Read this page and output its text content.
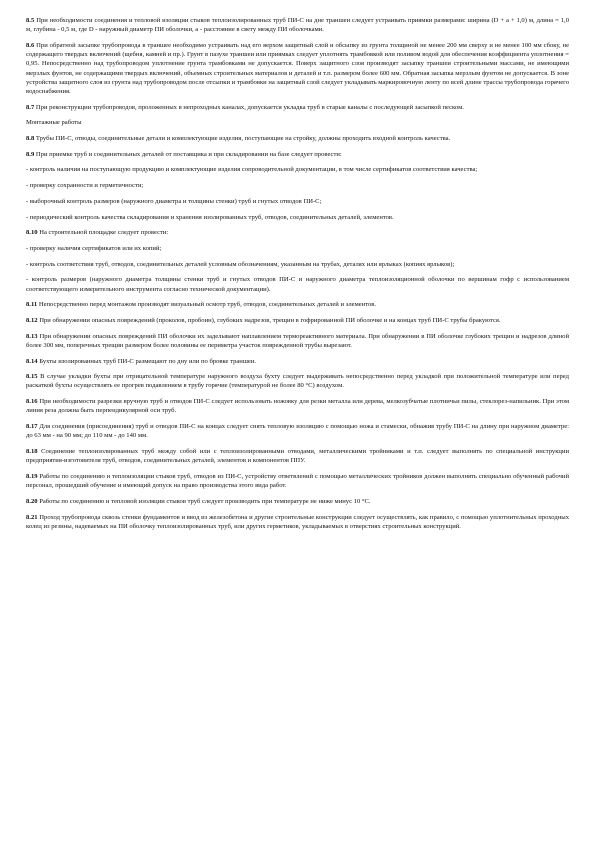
8.5 При необходимости соединения и тепловой изоляции стыков теплоизолированных труб ПИ-С на дне траншеи следует устраивать приямки размерами: ширина (D + a + 1,0) м, длина = 1,0 м, глубина - 0,5 м, где D - наружный диаметр ПИ оболочки, a - расстояние в свету между ПИ оболочками.

8.6 При обратной засыпке трубопровода в траншее необходимо устраивать над его верхом защитный слой и обсыпку из грунта толщиной не менее 200 мм сверху и не менее 100 мм сбоку, не содержащего твердых включений (щебня, камней и пр.). Грунт в пазухе траншеи или приямках следует уплотнять трамбовкой или поливом водой для обеспечения коэффициента уплотнения = 0,95. Непосредственно над трубопроводом уплотнение грунта трамбовками не допускается. Поверх защитного слоя производят засыпку траншеи строительными массами, не имеющими мерзлых фунтов, не содержащими твердых включений, объемных строительных материалов и деталей и т.п. размером более 600 мм. Обратная засыпка мерзлым фунтом не допускается. В зоне устройства защитного слоя из грунта над трубопроводом после отсыпки и трамбовки на защитный слой следует укладывать маркировочную ленту по всей длине трассы трубопровода горячего водоснабжения.

8.7 При реконструкции трубопроводов, проложенных в непроходных каналах, допускается укладка труб в старые каналы с последующей засыпкой песком.

Монтажные работы

8.8 Трубы ПИ-С, отводы, соединительные детали и комплектующие изделия, поступающие на стройку, должны проходить входной контроль качества.

8.9 При приемке труб и соединительных деталей от поставщика и при складировании на базе следует провести:

- контроль наличия на поступающую продукцию и комплектующие изделия сопроводительной документации, в том числе сертификатов соответствия качества;

- проверку сохранности и герметичности;

- выборочный контроль размеров (наружного диаметра и толщины стенки) труб и гнутых отводов ПИ-С;

- периодический контроль качества складирования и хранения изолированных труб, отводов, соединительных деталей, элементов.

8.10 На строительной площадке следует провести:

- проверку наличия сертификатов или их копий;

- контроль соответствия труб, отводов, соединительных деталей условным обозначениям, указанным на трубах, деталях или ярлыках (копиях ярлыков);

- контроль размеров (наружного диаметра толщины стенки труб и гнутых отводов ПИ-С и наружного диаметра теплоизоляционной оболочки по вершинам гофр с использованием соответствующего измерительного инструмента согласно технической документации).

8.11 Непосредственно перед монтажом производят визуальный осмотр труб, отводов, соединительных деталей и элементов.

8.12 При обнаружении опасных повреждений (проколов, пробоин), глубоких надрезов, трещин в гофрированной ПИ оболочке и на концах труб ПИ-С трубы бракуются.

8.13 При обнаружении опасных повреждений ПИ оболочки их заделывают наплавлением термореактивного материала. При обнаружении в ПИ оболочке глубоких трещин и надрезов длиной более 300 мм, поперечных трещин размером более половины ее периметра участок поврежденной трубы вырезают.

8.14 Бухты изолированных труб ПИ-С размещают по дну или по бровке траншеи.

8.15 В случае укладки бухты при отрицательной температуре наружного воздуха бухту следует выдерживать непосредственно перед укладкой при положительной температуре или перед раскаткой бухты осуществлять ее прогрев подавлением в трубу горячие (температурой не более 80 °С) воздухом.

8.16 При необходимости разрезки вручную труб и отводов ПИ-С следует использовать ножовку для резки металла или дерева, мелкозубчатые плотничьи пилы, стеклорез-напильник. При этом линия реза должна быть перпендикулярной оси труб.

8.17 Для соединения (присоединения) труб и отводов ПИ-С на концах следует снять тепловую изоляцию с помощью ножа и стамески, обнажив трубу ПИ-С на длину при наружном диаметре: до 63 мм - на 90 мм; до 110 мм - до 140 мм.

8.18 Соединение теплоизолированных труб между собой или с теплоизолированными отводами, металлическими тройниками и т.п. следует выполнять по специальной инструкции предприятия-изготовителя труб, отводов, соединительных деталей, элементов и компонентов ППУ.

8.19 Работы по соединению и теплоизоляции стыков труб, отводов из ПИ-С, устройству ответвлений с помощью металлических тройников должен выполнять специально обученный рабочий персонал, прошедший обучение и имеющий допуск на право производства этого вида работ.

8.20 Работы по соединению и тепловой изоляции стыков труб следует производить при температуре не ниже минус 10 °С.

8.21 Проход трубопровода сквозь стенки фундаментов и ввод из железобетона и другие строительные конструкции следует осуществлять, как правило, с помощью уплотнительных проходных колец из резины, надеваемых на ПИ оболочку теплоизолированных труб, или других герметиков, укладываемых в отверстиях строительных конструкций.
